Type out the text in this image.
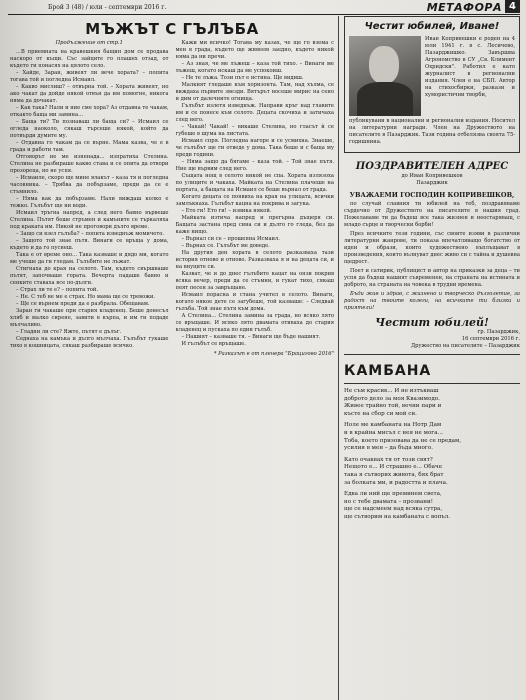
Брой 3 (48) / юли - септември 2016 г.	МЕТАФОРА 4
МЪЖЪТ С ГЪЛЪБА
Продължение от стр.1

...В приемната на кравешкия бащин дом се продава наскоро от къщи. Със зайците го плашех отзад, от където ги понасях на цялото село.

– Хайде, Заран, живеят ли вече хората? – попита тогава той и погледна Исмаил.

– Какво мислиш? – отвърна той. – Хората живеят, но ако чакат да дойде някой отвън да им помогне, никога няма да дочакат.

– Как така? Нали и ние сме хора? Аз отдавна те чакам, откакто баща ми замина...

– Баща ти? Ти познаваш ли баща си? – Исмаил се огледа наоколо, сякаш търсеше някой, който да потвърди думите му.

– Отдавна го чакам да се върне. Мама казва, че е в града и работи там.

Отговорът не ме изненада... изпратиха Стелина. Стелина не разбираше какво става и се опита да отвори прозореца, но не успя.

– Исмаиле, скоро ще мине влакът – каза тя и погледна часовника. – Трябва да побързаме, преди да се е стъмнило.

– Няма как да побързаме. Нали виждаш колко е тежко. Гълъбът ще ни води.

Исмаил тръгна напред, а след него бавно вървеше Стелина. Пътят беше стръмен и камъните се търкаляха под краката им. Никой не проговори дълго време.

– Защо си взел гълъба? – попита изведнъж момичето.

– Защото той знае пътя. Винаги се връща у дома, където и да го пуснеш.

Така е от време оно... Така казваше и дядо ми, когато ме учеше да ги гледам. Гълъбите не лъжат.

Стигнаха до края на селото. Там, където свършваше пътят, започваше гората. Вечерта падаше бавно и сенките ставаха все по-дълги.

– Страх ли те е? – попита той.

– Не. С теб не ме е страх. Но мама ще се тревожи.

– Ще се върнем преди да е разбрала. Обещавам.

Заран ги чакаше при стария кладенец. Беше донесъл хляб и малко сирене, завити в кърпа, и им ги подаде мълчаливо.

– Гладни ли сте? Яжте, пътят е дълъг.

Седнаха на камъка и дълго мълчаха. Гълъбът гукаше тихо в кошницата, сякаш разбираше всичко.

Кажи ми всичко! Тогава му казах, че ще го взема с мен в града, където ще живеем заедно, където никой няма да ни пречи.

– Аз зная, че ме лъжеш – каза той тихо. – Винаги ме лъжеш, когато искаш да ме успокоиш.

– Не те лъжа. Този път е истина. Ще видиш.

Малкият гледаше към хоризонта. Там, над хълма, се виждаха първите звезди. Вятърът носеше мирис на сено и дим от далечните огнища.

Гълъбът излетя изведнъж. Направи кръг над главите им и се понесе към селото. Децата скочиха и затичаха след него.

– Чакай! Чакай! – викаше Стелина, но гласът ѝ се губеше в шума на листата.

Исмаил спря. Погледна нагоре и се усмихна. Знаеше, че гълъбът ще ги отведе у дома. Така беше и с баща му преди години.

– Няма защо да бягаме – каза той. – Той знае пътя. Ние ще вървим след него.

Същата нощ в селото никой не спа. Хората излязоха по улиците и чакаха. Майката на Стелина плачеше на портата, а бащата на Исмаил се беше върнал от града.

Когато децата се появиха на края на улицата, всички замлъкнаха. Гълъбът кацна на покрива и загука.

– Ето ги! Ето ги! – извика някой.

Майката изтича напред и прегърна дъщеря си. Бащата застана пред сина си и дълго го гледа, без да каже нищо.

– Върнал си се – прошепна Исмаил.

– Върнах се. Гълъбът ме доведе.

На другия ден хората в селото разказваха тази история отново и отново. Разказваха я и на децата си, и на внуците си.

Казват, че и до днес гълъбите кацат на онзи покрив всяка вечер, преди да се стъмни, и гукат тихо, сякаш пеят песен за завръщане.

Исмаил порасна и стана учител в селото. Винаги, когато някое дете се загубеше, той казваше: – Следвай гълъба. Той знае пътя към дома.

А Стелина... Стелина замина за града, но всяко лято се връщаше. И всяко лято двамата отиваха до стария кладенец и пускаха по един гълъб.

– Нашият – казваше тя. – Винаги ще бъде нашият.

И гълъбът се връщаше.

* Разказът е от пленера "Брацигово 2016"
Честит юбилей, Иване!
Иван Копривешки е роден на 4 юли 1941 г. в с. Лесичево, Пазарджишко. Завършва Агрономство в СУ „Св. Климент Охридски". Работил е като журналист в регионални издания. Член е на СБП. Автор на стихосбирки, разкази и хумористични творби,
публикувани в национални и регионални издания. Носител на литературни награди. Член на Дружеството на писателите в Пазарджик. Тази година отбелязва своята 75-годишнина.
ПОЗДРАВИТЕЛЕН АДРЕС
до Иван Копривешков
Пазарджик
УВАЖАЕМИ ГОСПОДИН КОПРИВЕШКОВ,

по случай славния ти юбилей на теб, поздравяваме сърдечно от Дружеството на писателите в нашия град. Пожелаваме ти да бъдеш все така жизнен и неостаряващ, с младо сърце и творчески борби!

През всичките тези години, със своите изяви в различни литературни жанрове, ти показа впечатляващо богатство от идеи и образи, които художествено въплъщават в произведения, които вълнуват днес живо си с тайна и душевна щедрост.

Поет и сатирик, публицист и автор на приказки за деца – ти успя да бъдеш нашият съвременен, на страната на истината и доброто, на страната на човека в трудни времена.

Бъди жив и здрав, с жизнено и творческо дълголетие, за радост на твоите колеги, на всичките ти близки и приятели!

Честит юбилей!
гр. Пазарджик,
16 септември 2016 г.
Дружество на писателите – Пазарджик
КАМБАНА
Не съм красив... И не изтъкваш
доброто дело за моя Квазимодо.
Живее трайно той, вечни пари и
късте на сбор си мой си.
Ноле ме камбаната на Нотр Дам
и в крайна мисъл с нея не мога...
Тоба, което призовава да не се предам,
усилия в мен – да бъда много.
Като очаквах тя от този свят?
Нещото е... И страшно е... Обаче
така я сътворих живота, бях брат
за болката ми, и радостта и плача.
Едва ли ний ще преминем света,
но с тебе двамата – прозвани!
ще се надсмеем над всяка сутра,
ще сътворим на камбаната с вопъл.
